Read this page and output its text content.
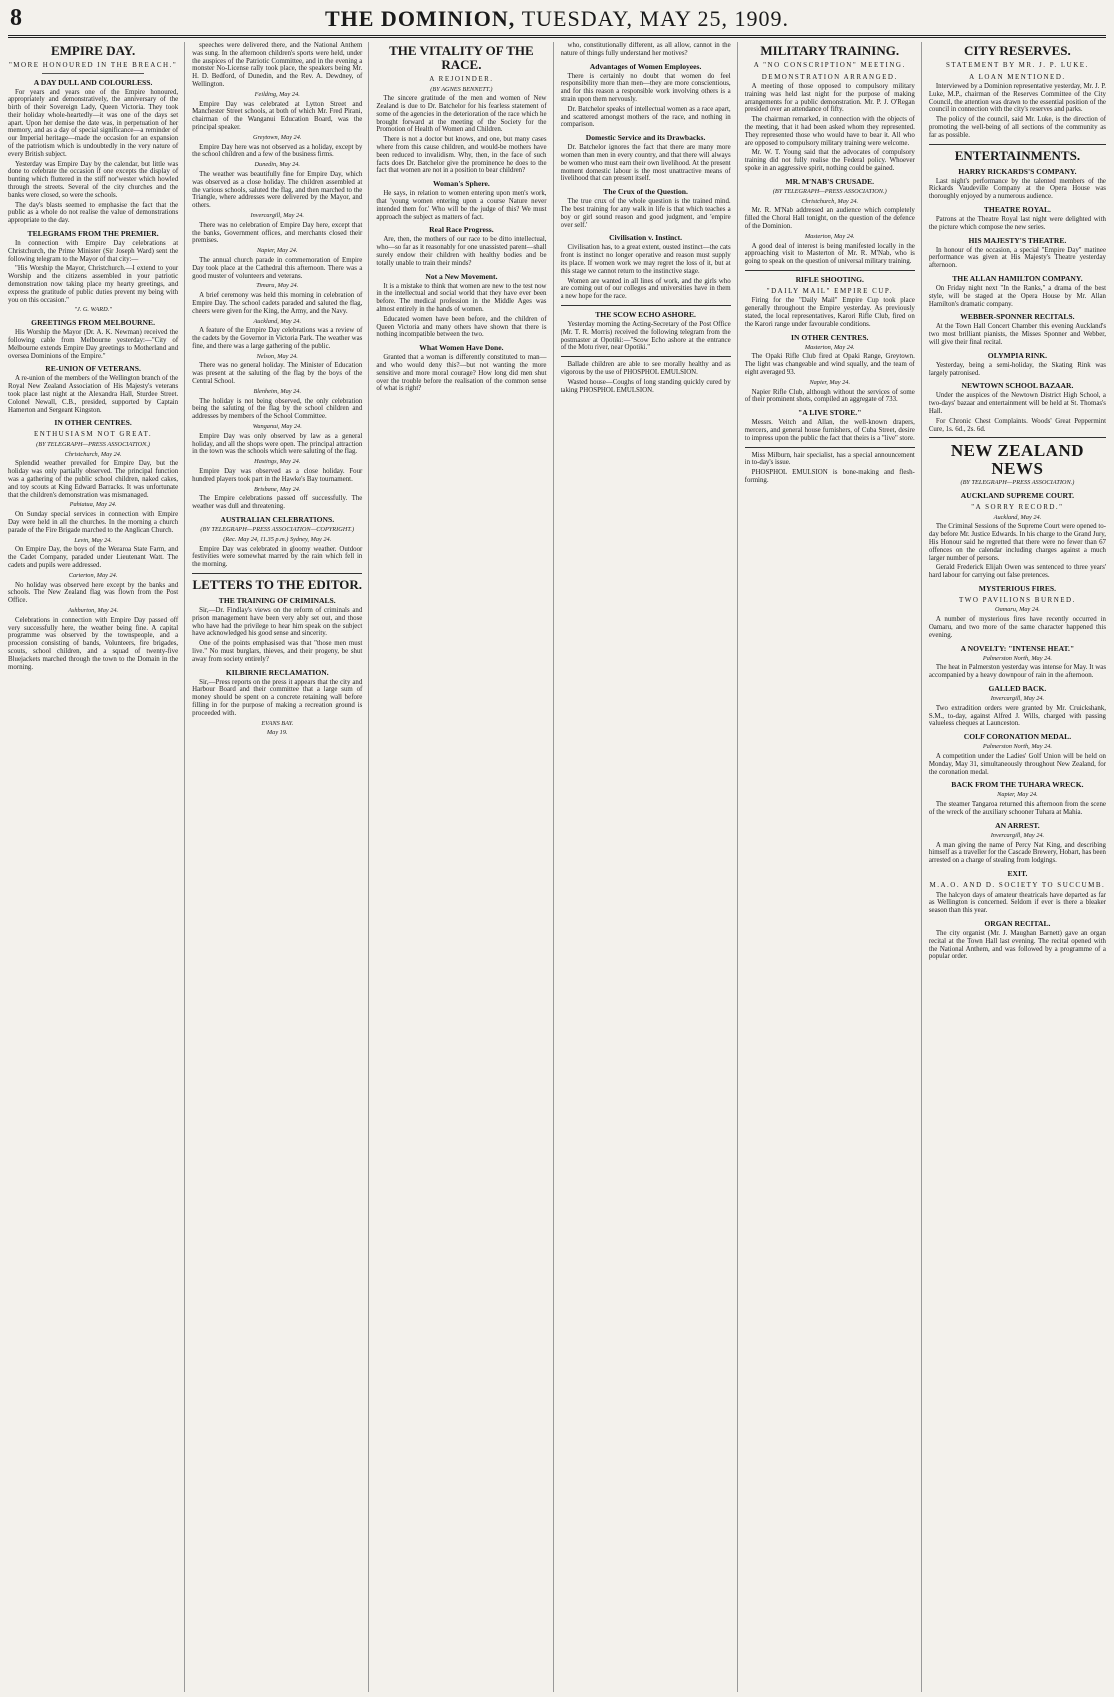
8	THE DOMINION, TUESDAY, MAY 25, 1909.
EMPIRE DAY.
"MORE HONOURED IN THE BREACH."
A DAY DULL AND COLOURLESS.

For years and years one of the Empire honoured, appropriately and demonstratively, the anniversary of the birth of their Sovereign Lady, Queen Victoria. They took their holiday whole-heartedly—it was one of the days set apart. Upon her demise the date was, in perpetuation of her memory, and as a day of special significance—a reminder of our Imperial heritage—made the occasion for an expansion of the patriotism which is undoubtedly in the very nature of every British subject.

Yesterday was Empire Day by the calendar, but little was done to celebrate the occasion if one excepts the display of bunting which fluttered in the stiff nor'wester which howled through the streets. Several of the city churches and the banks were closed, so were the schools.

The day's blasts seemed to emphasise the fact that the public as a whole do not realise the value of demonstrations appropriate to the day.

TELEGRAMS FROM THE PREMIER.

In connection with Empire Day celebrations at Christchurch, the Prime Minister (Sir Joseph Ward) sent the following telegram to the Mayor of that city:—

"His Worship the Mayor, Christchurch.—I extend to your Worship and the citizens assembled in your patriotic demonstration now taking place my hearty greetings, and express the gratitude of public duties prevent my being with you on this occasion."

"J. G. WARD."
GREETINGS FROM MELBOURNE.

His Worship the Mayor (Dr. A. K. Newman) received the following cable from Melbourne yesterday:—"City of Melbourne extends Empire Day greetings to Motherland and oversea Dominions of the Empire."

RE-UNION OF VETERANS.

A re-union of the members of the Wellington branch of the Royal New Zealand Association of His Majesty's veterans took place last night at the Alexandra Hall, Sturdee Street. Colonel Newall, C.B., presided, supported by Captain Hamerton and Sergeant Kingston.

IN OTHER CENTRES.
ENTHUSIASM NOT GREAT.
(BY TELEGRAPH—PRESS ASSOCIATION.)
Christchurch, May 24.

Splendid weather prevailed for Empire Day, but the holiday was only partially observed. The principal function was a gathering of the public school children, naked cakes, and toy scouts at King Edward Barracks. It was unfortunate that the children's demonstration was mismanaged.

Pahiatua, May 24.

On Sunday special services in connection with Empire Day were held in all the churches. In the morning a church parade of the Fire Brigade marched to the Anglican Church.

Levin, May 24.

On Empire Day, the boys of the Weraroa State Farm, and the Cadet Company, paraded under Lieutenant Watt. The cadets and pupils were addressed.

Carterton, May 24.

No holiday was observed here except by the banks and schools. The New Zealand flag was flown from the Post Office.

Ashburton, May 24.

Celebrations in connection with Empire Day passed off very successfully here, the weather being fine. A capital programme was observed by the townspeople, and a procession consisting of bands, Volunteers, fire brigades, scouts, school children, and a squad of twenty-five Bluejackets marched through the town to the Domain in the morning.

speeches were delivered there, and the National Anthem was sung. In the afternoon children's sports were held, under the auspices of the Patriotic Committee, and in the evening a monster No-License rally took place, the speakers being Mr. H. D. Bedford, of Dunedin, and the Rev. A. Dewdney, of Wellington.

Feilding, May 24.

Empire Day was celebrated at Lytton Street and Manchester Street schools, at both of which Mr. Fred Pirani, chairman of the Wanganui Education Board, was the principal speaker.

Greytown, May 24.

Empire Day here was not observed as a holiday, except by the school children and a few of the business firms.

Dunedin, May 24.

The weather was beautifully fine for Empire Day, which was observed as a close holiday. The children assembled at the various schools, saluted the flag, and then marched to the Triangle, where addresses were delivered by the Mayor, and others.

Invercargill, May 24.

There was no celebration of Empire Day here, except that the banks, Government offices, and merchants closed their premises.

Napier, May 24.

The annual church parade in commemoration of Empire Day took place at the Cathedral this afternoon. There was a good muster of volunteers and veterans.

Timaru, May 24.

A brief ceremony was held this morning in celebration of Empire Day. The school cadets paraded and saluted the flag, cheers were given for the King, the Army, and the Navy.

Auckland, May 24.

A feature of the Empire Day celebrations was a review of the cadets by the Governor in Victoria Park. The weather was fine, and there was a large gathering of the public.

Nelson, May 24.

There was no general holiday. The Minister of Education was present at the saluting of the flag by the boys of the Central School.

Blenheim, May 24.

The holiday is not being observed, the only celebration being the saluting of the flag by the school children and addresses by members of the School Committee.

Wanganui, May 24.

Empire Day was only observed by law as a general holiday, and all the shops were open. The principal attraction in the town was the schools which were saluting of the flag.

Hastings, May 24.

Empire Day was observed as a close holiday. Four hundred players took part in the Hawke's Bay tournament.

Brisbane, May 24.

The Empire celebrations passed off successfully. The weather was dull and threatening.

AUSTRALIAN CELEBRATIONS.
(BY TELEGRAPH—PRESS ASSOCIATION—COPYRIGHT.)
(Rec. May 24, 11.35 p.m.) Sydney, May 24.

Empire Day was celebrated in gloomy weather. Outdoor festivities were somewhat marred by the rain which fell in the morning.

LETTERS TO THE EDITOR.
THE TRAINING OF CRIMINALS.

Sir,—Dr. Findlay's views on the reform of criminals and prison management have been very ably set out, and those who have had the privilege to hear him speak on the subject have acknowledged his good sense and sincerity.

One of the points emphasised was that "those men must live." No must burglars, thieves, and their progeny, be shut away from society entirely?

KILBIRNIE RECLAMATION.

Sir,—Press reports on the press it appears that the city and Harbour Board and their committee that a large sum of money should be spent on a concrete retaining wall before filling in for the purpose of making a recreation ground is proceeded with.

EVANS BAY.
May 19.
THE VITALITY OF THE RACE.
A REJOINDER.
(BY AGNES BENNETT.)

The sincere gratitude of the men and women of New Zealand is due to Dr. Batchelor for his fearless statement of some of the agencies in the deterioration of the race which he brought forward at the meeting of the Society for the Promotion of Health of Women and Children.

There is not a doctor but knows, and one, but many cases where from this cause children, and would-be mothers have been reduced to invalidism. Why, then, in the face of such facts does Dr. Batchelor give the prominence he does to the fact that women are not in a position to bear children?

Woman's Sphere.

He says, in relation to women entering upon men's work, that 'young women entering upon a course Nature never intended them for.' Who will be the judge of this? We must approach the subject as matters of fact.

Real Race Progress.

Are, then, the mothers of our race to be ditto intellectual, who—so far as it reasonably for one unassisted parent—shall surely endow their children with healthy bodies and be totally unable to train their minds?

Not a New Movement.

It is a mistake to think that women are new to the test now in the intellectual and social world that they have ever been before. The medical profession in the Middle Ages was almost entirely in the hands of women.

Educated women have been before, and the children of Queen Victoria and many others have shown that there is nothing incompatible between the two.

What Women Have Done.

Granted that a woman is differently constituted to man—and who would deny this?—but not wanting the more sensitive and more moral courage? How long did men shut over the trouble before the realisation of the common sense of what is right?

who, constitutionally different, as all allow, cannot in the nature of things fully understand her motives?

Advantages of Women Employees.

There is certainly no doubt that women do feel responsibility more than men—they are more conscientious, and for this reason a responsible work involving others is a strain upon them nervously.

Dr. Batchelor speaks of intellectual women as a race apart, and scattered amongst mothers of the race, and nothing in comparison.

Domestic Service and its Drawbacks.

Dr. Batchelor ignores the fact that there are many more women than men in every country, and that there will always be women who must earn their own livelihood. At the present moment domestic labour is the most unattractive means of livelihood that can present itself.

The Crux of the Question.

The true crux of the whole question is the trained mind. The best training for any walk in life is that which teaches a boy or girl sound reason and good judgment, and 'empire over self.'

Civilisation v. Instinct.

Civilisation has, to a great extent, ousted instinct—the cats front is instinct no longer operative and reason must supply its place. If women work we may regret the loss of it, but at this stage we cannot return to the instinctive stage.

Women are wanted in all lines of work, and the girls who are coming out of our colleges and universities have in them a new hope for the race.

THE SCOW ECHO ASHORE.

Yesterday morning the Acting-Secretary of the Post Office (Mr. T. R. Morris) received the following telegram from the postmaster at Opotiki:—"Scow Echo ashore at the entrance of the Motu river, near Opotiki."

Ballade children are able to see morally healthy and as vigorous by the use of PHOSPHOL EMULSION.

Wasted house—Coughs of long standing quickly cured by taking PHOSPHOL EMULSION.

MILITARY TRAINING.
A "NO CONSCRIPTION" MEETING.
DEMONSTRATION ARRANGED.

A meeting of those opposed to compulsory military training was held last night for the purpose of making arrangements for a public demonstration. Mr. P. J. O'Regan presided over an attendance of fifty.

The chairman remarked, in connection with the objects of the meeting, that it had been asked whom they represented. They represented those who would have to bear it. All who are opposed to compulsory military training were welcome.

Mr. W. T. Young said that the advocates of compulsory training did not fully realise the Federal policy. Whoever spoke in an aggressive spirit, nothing could be gained.

MR. M'NAB'S CRUSADE.
(BY TELEGRAPH—PRESS ASSOCIATION.)
Christchurch, May 24.

Mr. R. M'Nab addressed an audience which completely filled the Choral Hall tonight, on the question of the defence of the Dominion.

Masterton, May 24.

A good deal of interest is being manifested locally in the approaching visit to Masterton of Mr. R. M'Nab, who is going to speak on the question of universal military training.

RIFLE SHOOTING.
"DAILY MAIL" EMPIRE CUP.

Firing for the "Daily Mail" Empire Cup took place generally throughout the Empire yesterday. As previously stated, the local representatives, Karori Rifle Club, fired on the Karori range under favourable conditions.

IN OTHER CENTRES.
Masterton, May 24.

The Opaki Rifle Club fired at Opaki Range, Greytown. The light was changeable and wind squally, and the team of eight averaged 93.

Napier, May 24.

Napier Rifle Club, although without the services of some of their prominent shots, compiled an aggregate of 733.

"A LIVE STORE."

Messrs. Veitch and Allan, the well-known drapers, mercers, and general house furnishers, of Cuba Street, desire to impress upon the public the fact that theirs is a "live" store.

Miss Milburn, hair specialist, has a special announcement in to-day's issue.

PHOSPHOL EMULSION is bone-making and flesh-forming.

CITY RESERVES.
STATEMENT BY MR. J. P. LUKE.
A LOAN MENTIONED.

Interviewed by a Dominion representative yesterday, Mr. J. P. Luke, M.P., chairman of the Reserves Committee of the City Council, the attention was drawn to the essential position of the council in connection with the city's reserves and parks.

The policy of the council, said Mr. Luke, is the direction of promoting the well-being of all sections of the community as far as possible.

ENTERTAINMENTS.
HARRY RICKARDS'S COMPANY.

Last night's performance by the talented members of the Rickards Vaudeville Company at the Opera House was thoroughly enjoyed by a numerous audience.

THEATRE ROYAL.

Patrons at the Theatre Royal last night were delighted with the picture which compose the new series.

HIS MAJESTY'S THEATRE.

In honour of the occasion, a special "Empire Day" matinee performance was given at His Majesty's Theatre yesterday afternoon.

THE ALLAN HAMILTON COMPANY.

On Friday night next "In the Ranks," a drama of the best style, will be staged at the Opera House by Mr. Allan Hamilton's dramatic company.

WEBBER-SPONNER RECITALS.

At the Town Hall Concert Chamber this evening Auckland's two most brilliant pianists, the Misses Sponner and Webber, will give their final recital.

OLYMPIA RINK.

Yesterday, being a semi-holiday, the Skating Rink was largely patronised.

NEWTOWN SCHOOL BAZAAR.

Under the auspices of the Newtown District High School, a two-days' bazaar and entertainment will be held at St. Thomas's Hall.

For Chronic Chest Complaints. Woods' Great Peppermint Cure, 1s. 6d., 2s. 6d.

NEW ZEALAND NEWS
(BY TELEGRAPH—PRESS ASSOCIATION.)
AUCKLAND SUPREME COURT.
"A SORRY RECORD."
Auckland, May 24.

The Criminal Sessions of the Supreme Court were opened to-day before Mr. Justice Edwards. In his charge to the Grand Jury, His Honour said he regretted that there were no fewer than 67 offences on the calendar including charges against a much larger number of persons.

Gerald Frederick Elijah Owen was sentenced to three years' hard labour for carrying out false pretences.

MYSTERIOUS FIRES.
TWO PAVILIONS BURNED.
Oamaru, May 24.

A number of mysterious fires have recently occurred in Oamaru, and two more of the same character happened this evening.

A NOVELTY: "INTENSE HEAT."
Palmerston North, May 24.

The heat in Palmerston yesterday was intense for May. It was accompanied by a heavy downpour of rain in the afternoon.

GALLED BACK.
Invercargill, May 24.

Two extradition orders were granted by Mr. Cruickshank, S.M., to-day, against Alfred J. Wills, charged with passing valueless cheques at Launceston.

COLF CORONATION MEDAL.
Palmerston North, May 24.

A competition under the Ladies' Golf Union will be held on Monday, May 31, simultaneously throughout New Zealand, for the coronation medal.

BACK FROM THE TUHARA WRECK.
Napier, May 24.

The steamer Tangaroa returned this afternoon from the scene of the wreck of the auxiliary schooner Tuhara at Mahia.

AN ARREST.
Invercargill, May 24.

A man giving the name of Percy Nat King, and describing himself as a traveller for the Cascade Brewery, Hobart, has been arrested on a charge of stealing from lodgings.

EXIT.
M.A.O. AND D. SOCIETY TO SUCCUMB.

The halcyon days of amateur theatricals have departed as far as Wellington is concerned. Seldom if ever is there a bleaker season than this year.

ORGAN RECITAL.

The city organist (Mr. J. Maughan Barnett) gave an organ recital at the Town Hall last evening. The recital opened with the National Anthem, and was followed by a programme of a popular order.
